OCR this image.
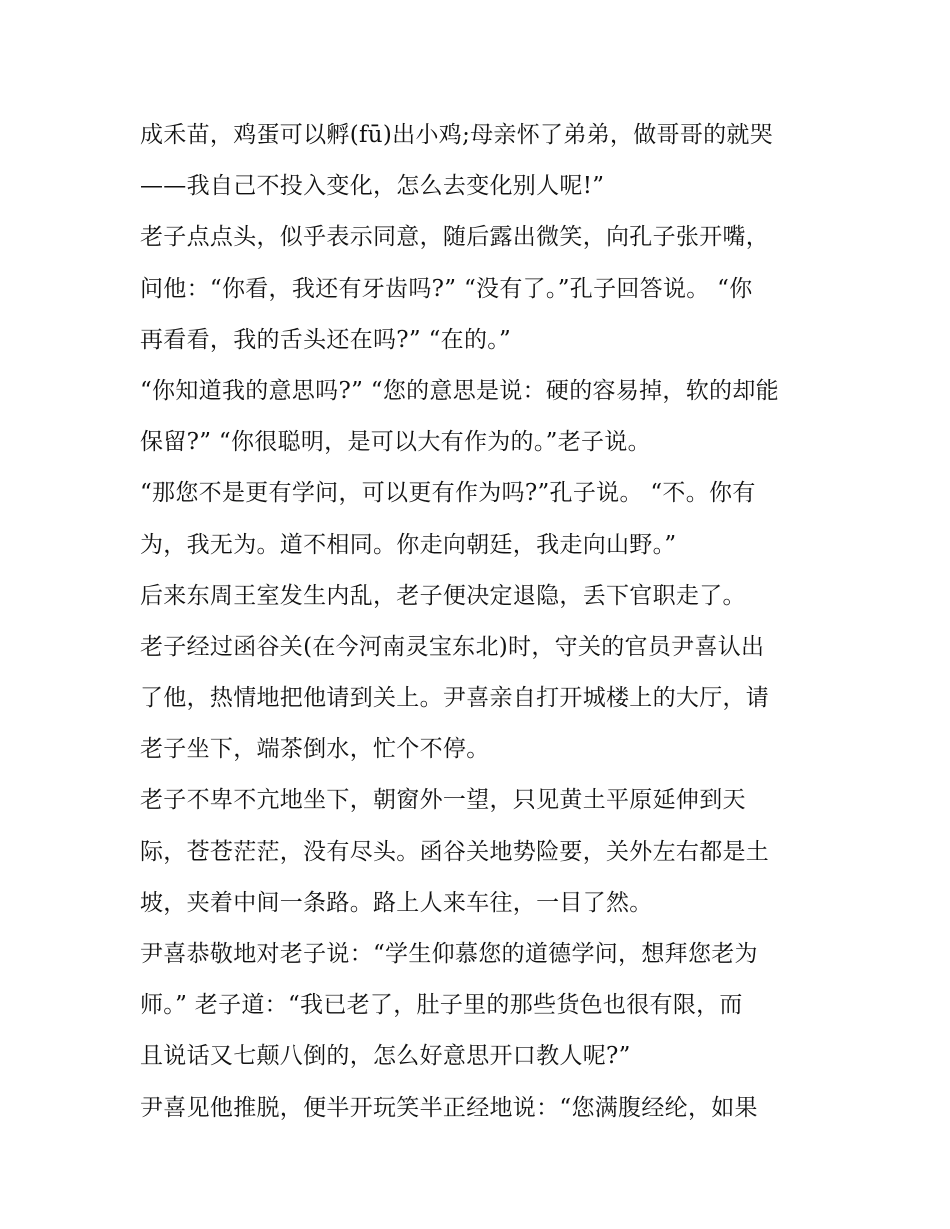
成禾苗，鸡蛋可以孵(fū)出小鸡;母亲怀了弟弟，做哥哥的就哭
——我自己不投入变化，怎么去变化别人呢!”
老子点点头，似乎表示同意，随后露出微笑，向孔子张开嘴，
问他：“你看，我还有牙齿吗?” “没有了。”孔子回答说。 “你
再看看，我的舌头还在吗?” “在的。”
“你知道我的意思吗?” “您的意思是说：硬的容易掉，软的却能
保留?” “你很聪明，是可以大有作为的。”老子说。
“那您不是更有学问，可以更有作为吗?”孔子说。 “不。你有
为，我无为。道不相同。你走向朝廷，我走向山野。”
后来东周王室发生内乱，老子便决定退隐，丢下官职走了。
老子经过函谷关(在今河南灵宝东北)时，守关的官员尹喜认出
了他，热情地把他请到关上。尹喜亲自打开城楼上的大厅，请
老子坐下，端茶倒水，忙个不停。
老子不卑不亢地坐下，朝窗外一望，只见黄土平原延伸到天
际，苍苍茫茫，没有尽头。函谷关地势险要，关外左右都是土
坡，夹着中间一条路。路上人来车往，一目了然。
尹喜恭敬地对老子说：“学生仰慕您的道德学问，想拜您老为
师。” 老子道：“我已老了，肚子里的那些货色也很有限，而
且说话又七颠八倒的，怎么好意思开口教人呢?”
尹喜见他推脱，便半开玩笑半正经地说：“您满腹经纶，如果
